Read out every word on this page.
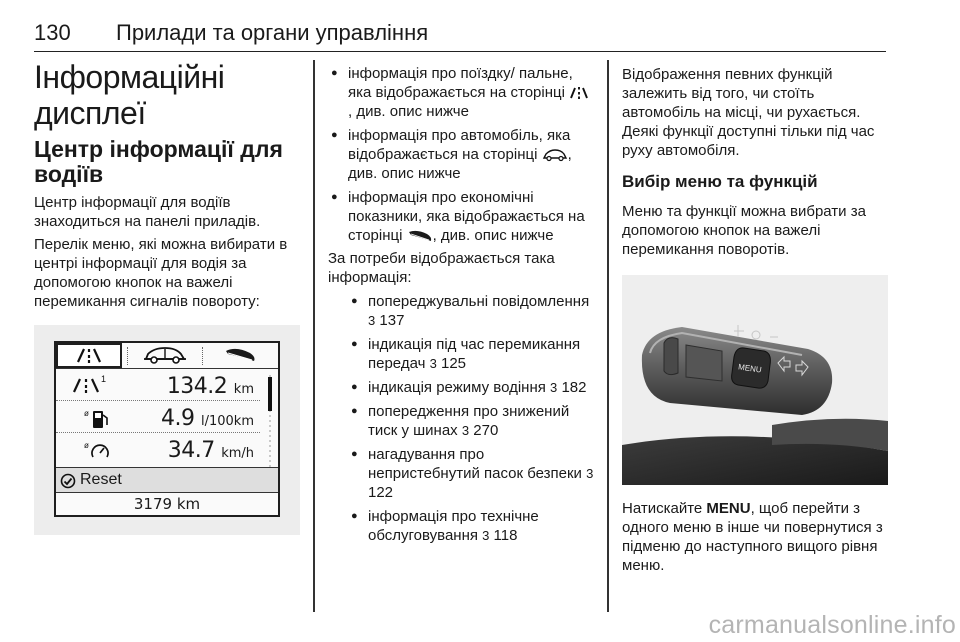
130 Прилади та органи управління
Інформаційні дисплеї
Центр інформації для водіїв

Центр інформації для водіїв знаходиться на панелі приладів.

Перелік меню, які можна вибирати в центрі інформації для водія за допомогою кнопок на важелі перемикання сигналів повороту:

1	134.2 km
ø	4.9 l/100km
ø	34.7 km/h
Reset
3179 km
● інформація про поїздку/ пальне, яка відображається на сторінці , див. опис нижче
● інформація про автомобіль, яка відображається на сторінці , див. опис нижче
● інформація про економічні показники, яка відображається на сторінці , див. опис нижче

За потреби відображається така інформація:

● попереджувальні повідомлення 3 137
● індикація під час перемикання передач 3 125
● індикація режиму водіння 3 182
● попередження про знижений тиск у шинах 3 270
● нагадування про непристебнутий пасок безпеки 3 122
● інформація про технічне обслуговування 3 118

Відображення певних функцій залежить від того, чи стоїть автомобіль на місці, чи рухається. Деякі функції доступні тільки під час руху автомобіля.

Вибір меню та функцій

Меню та функції можна вибрати за допомогою кнопок на важелі перемикання поворотів.

MENU

Натискайте MENU, щоб перейти з одного меню в інше чи повернутися з підменю до наступного вищого рівня меню.

carmanualsonline.info
